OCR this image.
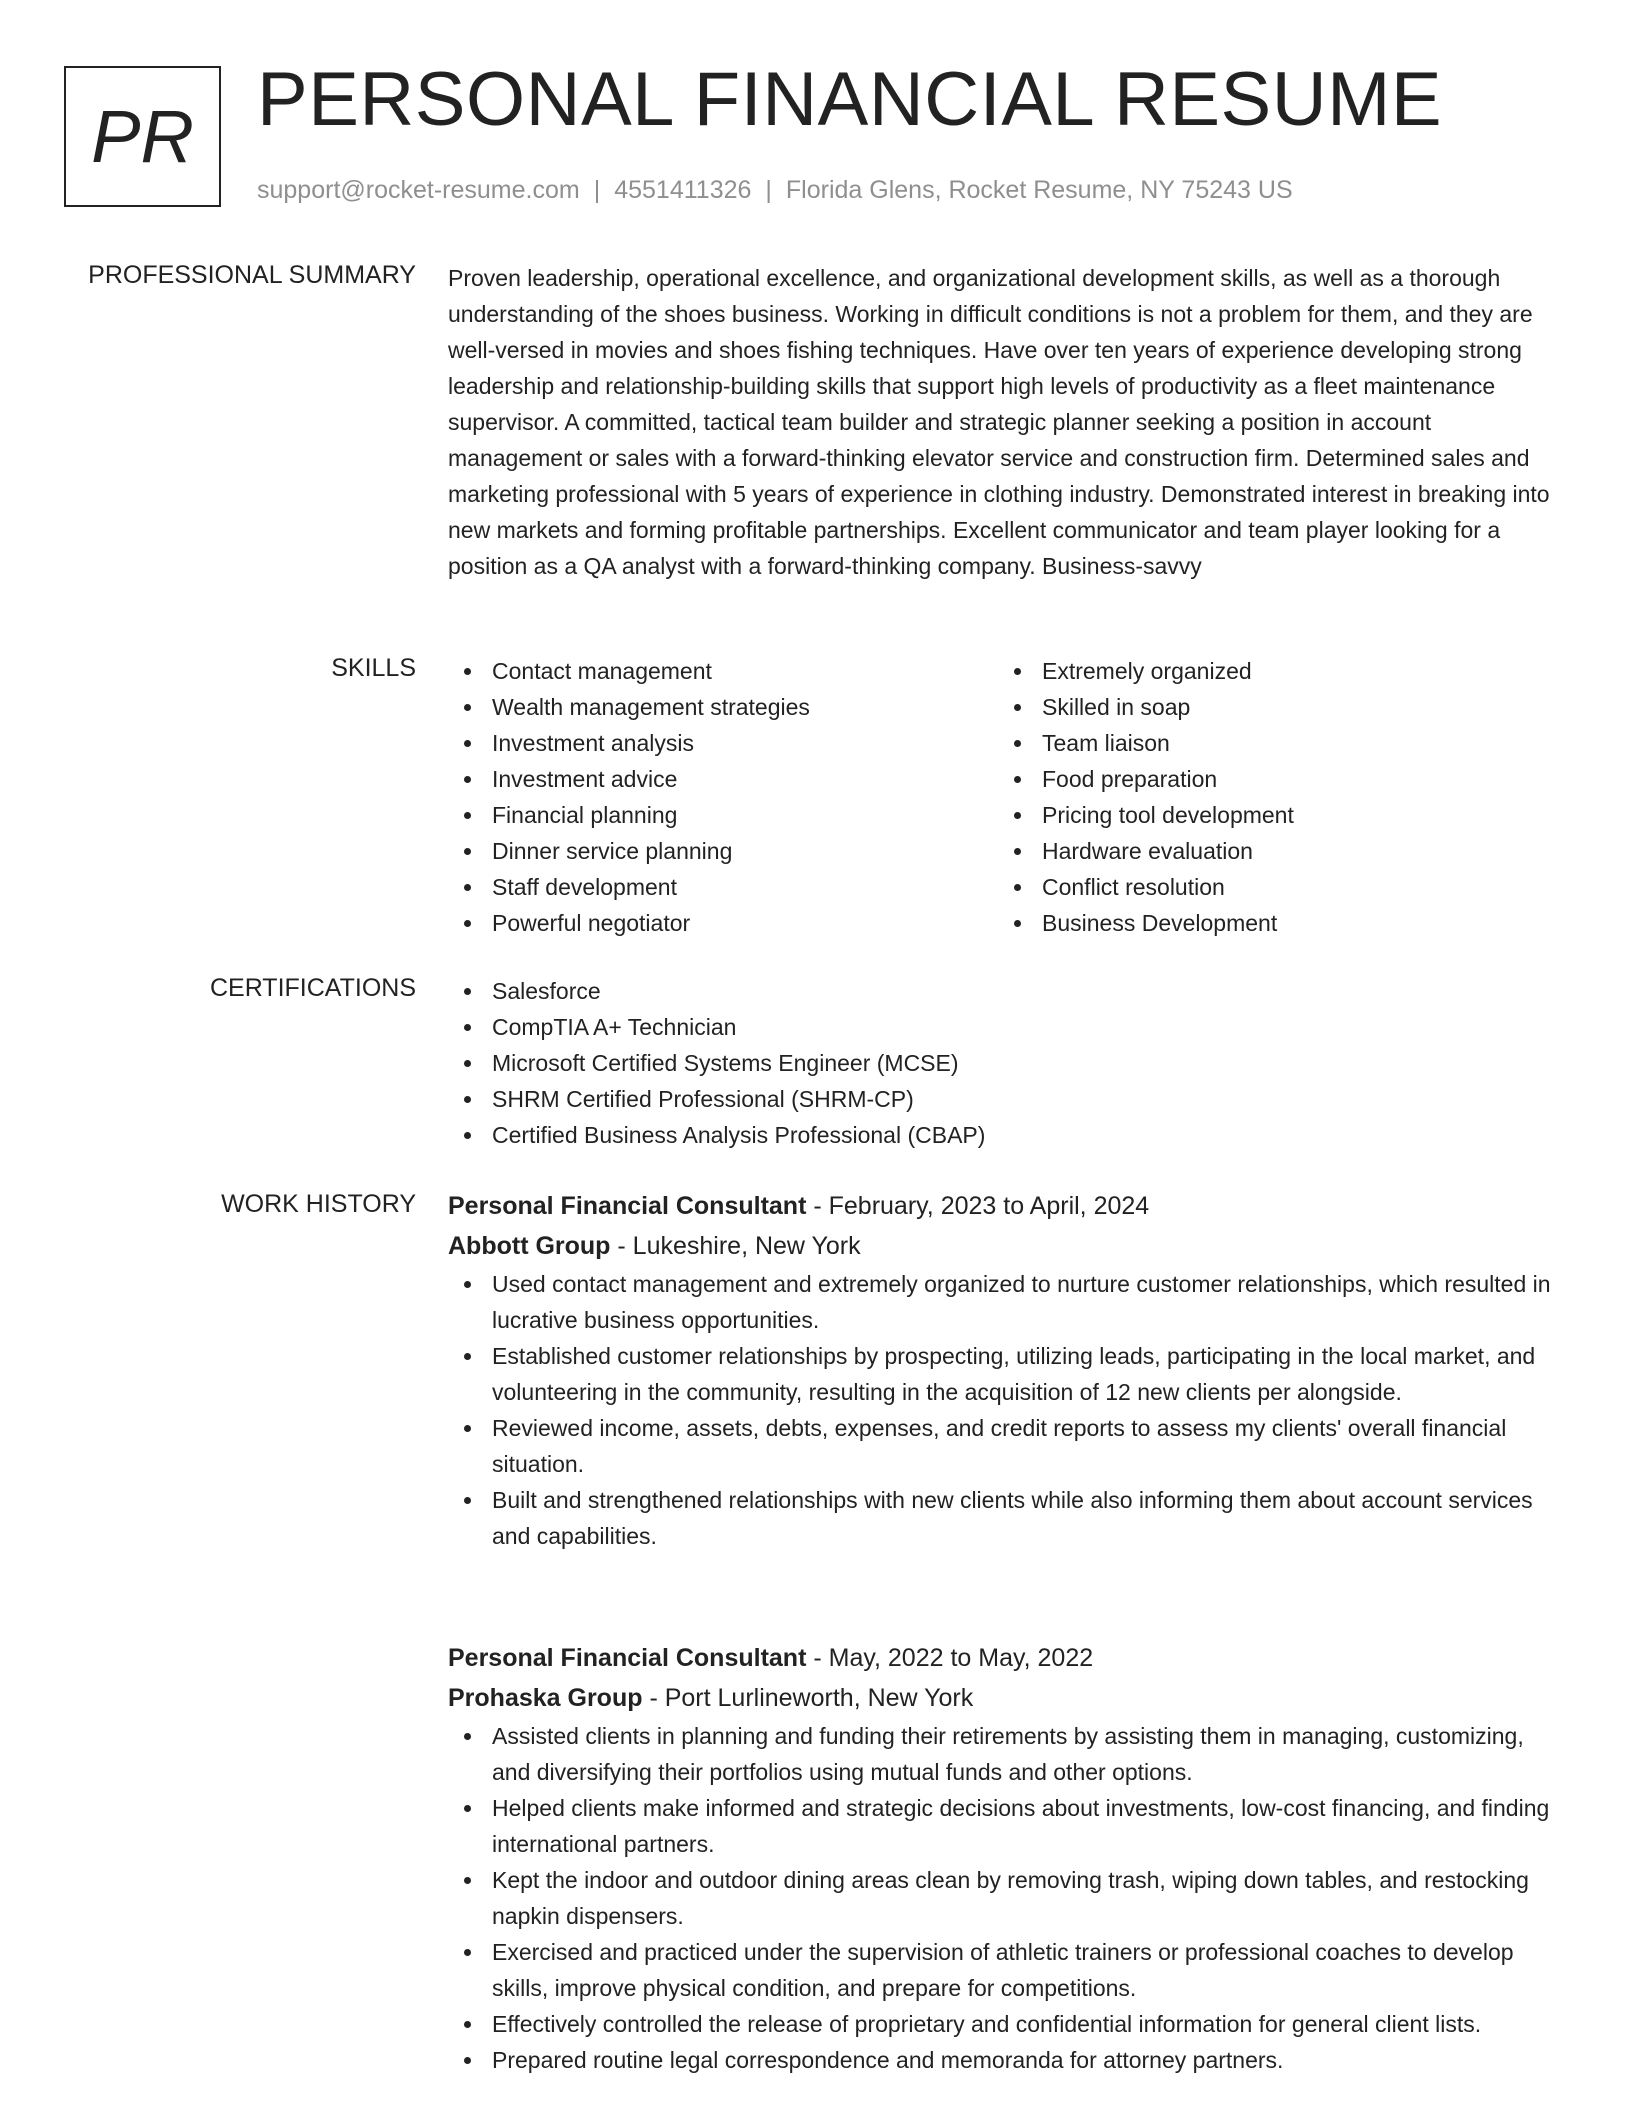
PR PERSONAL FINANCIAL RESUME
support@rocket-resume.com | 4551411326 | Florida Glens, Rocket Resume, NY 75243 US
PROFESSIONAL SUMMARY Proven leadership, operational excellence, and organizational development skills, as well as a thorough understanding of the shoes business. Working in difficult conditions is not a problem for them, and they are well-versed in movies and shoes fishing techniques. Have over ten years of experience developing strong leadership and relationship-building skills that support high levels of productivity as a fleet maintenance supervisor. A committed, tactical team builder and strategic planner seeking a position in account management or sales with a forward-thinking elevator service and construction firm. Determined sales and marketing professional with 5 years of experience in clothing industry. Demonstrated interest in breaking into new markets and forming profitable partnerships. Excellent communicator and team player looking for a position as a QA analyst with a forward-thinking company. Business-savvy

SKILLS	Contact management
Wealth management strategies
Investment analysis
Investment advice
Financial planning
Dinner service planning
Staff development
Powerful negotiator
Extremely organized
Skilled in soap
Team liaison
Food preparation
Pricing tool development
Hardware evaluation
Conflict resolution
Business Development
CERTIFICATIONS	Salesforce
CompTIA A+ Technician
Microsoft Certified Systems Engineer (MCSE)
SHRM Certified Professional (SHRM-CP)
Certified Business Analysis Professional (CBAP)
WORK HISTORY Personal Financial Consultant - February, 2023 to April, 2024
Abbott Group - Lukeshire, New York
Used contact management and extremely organized to nurture customer relationships, which resulted in lucrative business opportunities.
Established customer relationships by prospecting, utilizing leads, participating in the local market, and volunteering in the community, resulting in the acquisition of 12 new clients per alongside.
Reviewed income, assets, debts, expenses, and credit reports to assess my clients' overall financial situation.
Built and strengthened relationships with new clients while also informing them about account services and capabilities.
Personal Financial Consultant - May, 2022 to May, 2022
Prohaska Group - Port Lurlineworth, New York
Assisted clients in planning and funding their retirements by assisting them in managing, customizing, and diversifying their portfolios using mutual funds and other options.
Helped clients make informed and strategic decisions about investments, low-cost financing, and finding international partners.
Kept the indoor and outdoor dining areas clean by removing trash, wiping down tables, and restocking napkin dispensers.
Exercised and practiced under the supervision of athletic trainers or professional coaches to develop skills, improve physical condition, and prepare for competitions.
Effectively controlled the release of proprietary and confidential information for general client lists.
Prepared routine legal correspondence and memoranda for attorney partners.
